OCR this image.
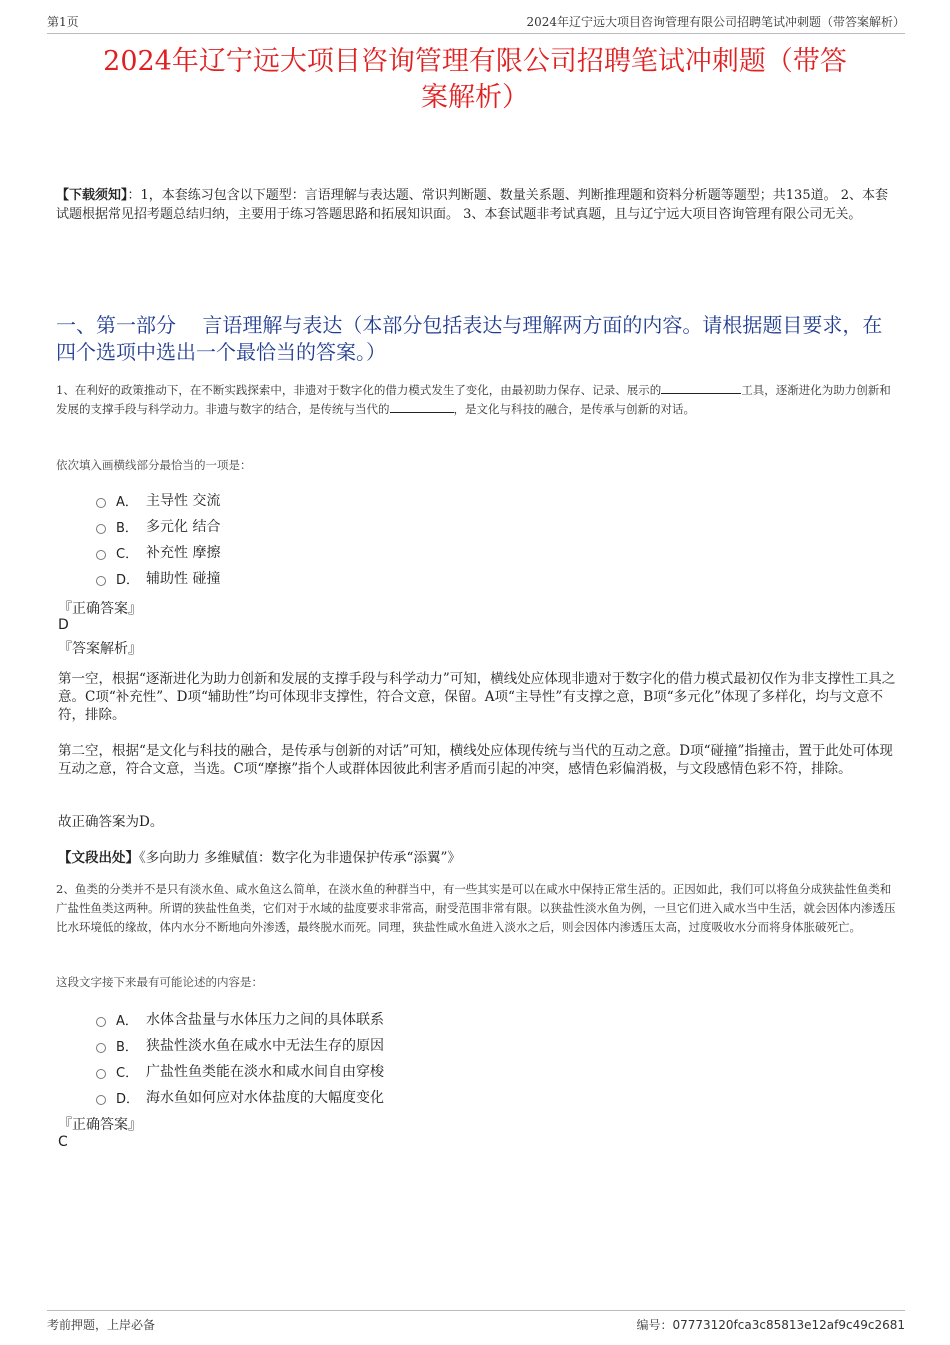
第1页	2024年辽宁远大项目咨询管理有限公司招聘笔试冲刺题（带答案解析）
2024年辽宁远大项目咨询管理有限公司招聘笔试冲刺题（带答
案解析）
【下载须知】：1，本套练习包含以下题型：言语理解与表达题、常识判断题、数量关系题、判断推理题和资料分析题等题型；共135道。 2、本套试题根据常见招考题总结归纳，主要用于练习答题思路和拓展知识面。 3、本套试题非考试真题，且与辽宁远大项目咨询管理有限公司无关。
一、第一部分　 言语理解与表达（本部分包括表达与理解两方面的内容。请根据题目要求，在四个选项中选出一个最恰当的答案。）
1、在利好的政策推动下，在不断实践探索中，非遗对于数字化的借力模式发生了变化，由最初助力保存、记录、展示的	工具，逐渐进化为助力创新和发展的支撑手段与科学动力。非遗与数字的结合，是传统与当代的	，是文化与科技的融合，是传承与创新的对话。
依次填入画横线部分最恰当的一项是：
A． 主导性 交流
B． 多元化 结合
C． 补充性 摩擦
D． 辅助性 碰撞
『正确答案』
D
『答案解析』
第一空，根据“逐渐进化为助力创新和发展的支撑手段与科学动力”可知，横线处应体现非遗对于数字化的借力模式最初仅作为非支撑性工具之意。C项“补充性”、D项“辅助性”均可体现非支撑性，符合文意，保留。A项“主导性”有支撑之意，B项“多元化”体现了多样化，均与文意不符，排除。
第二空，根据“是文化与科技的融合，是传承与创新的对话”可知，横线处应体现传统与当代的互动之意。D项“碰撞”指撞击，置于此处可体现互动之意，符合文意，当选。C项“摩擦”指个人或群体因彼此利害矛盾而引起的冲突，感情色彩偏消极，与文段感情色彩不符，排除。
故正确答案为D。
【文段出处】《多向助力 多维赋值：数字化为非遗保护传承“添翼”》
2、鱼类的分类并不是只有淡水鱼、咸水鱼这么简单，在淡水鱼的种群当中，有一些其实是可以在咸水中保持正常生活的。正因如此，我们可以将鱼分成狭盐性鱼类和广盐性鱼类这两种。所谓的狭盐性鱼类，它们对于水域的盐度要求非常高，耐受范围非常有限。以狭盐性淡水鱼为例，一旦它们进入咸水当中生活，就会因体内渗透压比水环境低的缘故，体内水分不断地向外渗透，最终脱水而死。同理，狭盐性咸水鱼进入淡水之后，则会因体内渗透压太高，过度吸收水分而将身体胀破死亡。
这段文字接下来最有可能论述的内容是：
A． 水体含盐量与水体压力之间的具体联系
B． 狭盐性淡水鱼在咸水中无法生存的原因
C． 广盐性鱼类能在淡水和咸水间自由穿梭
D． 海水鱼如何应对水体盐度的大幅度变化
『正确答案』
C
考前押题，上岸必备	编号：07773120fca3c85813e12af9c49c2681
